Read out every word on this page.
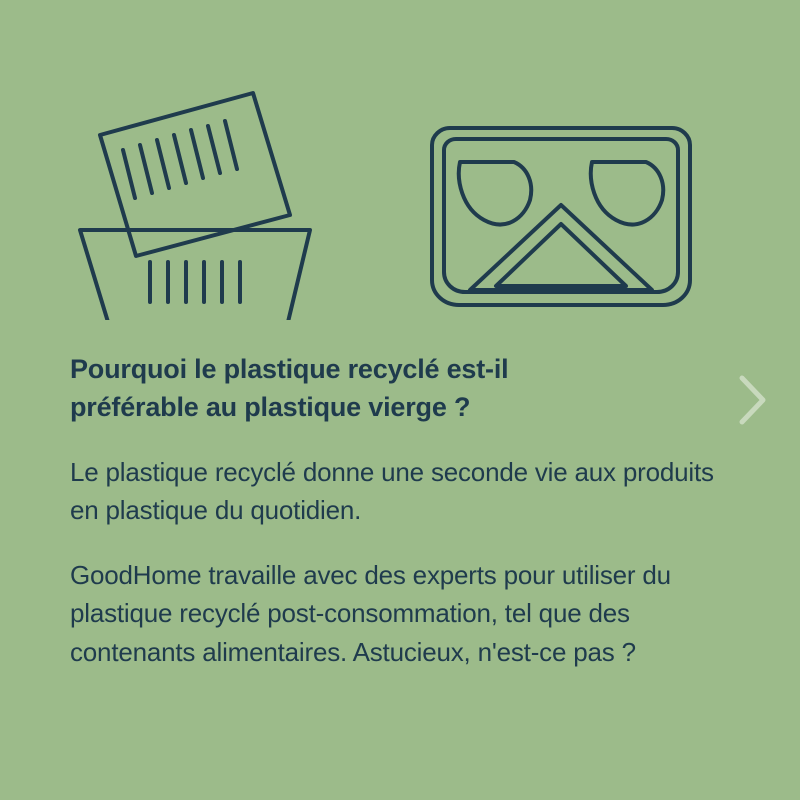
Pourquoi le plastique recyclé est-il préférable au plastique vierge ?

Le plastique recyclé donne une seconde vie aux produits en plastique du quotidien.

GoodHome travaille avec des experts pour utiliser du plastique recyclé post-consommation, tel que des contenants alimentaires. Astucieux, n'est-ce pas ?
